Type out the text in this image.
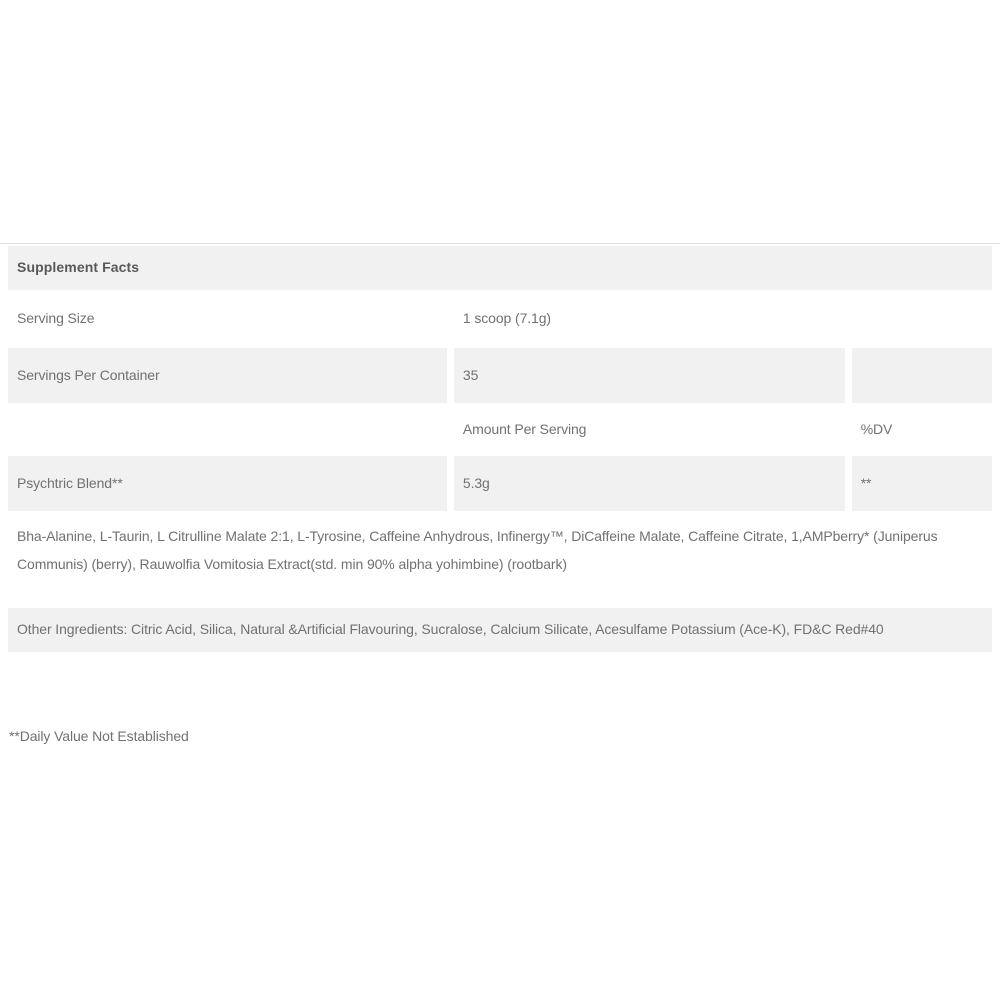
Supplement Facts		
Serving Size	1 scoop (7.1g)	
Servings Per Container	35	
	Amount Per Serving	%DV
Psychtric Blend**	5.3g	**
Bha-Alanine, L-Taurin, L Citrulline Malate 2:1, L-Tyrosine, Caffeine Anhydrous, Infinergy™, DiCaffeine Malate, Caffeine Citrate, 1,AMPberry* (Juniperus Communis) (berry), Rauwolfia Vomitosia Extract(std. min 90% alpha yohimbine) (rootbark)		
Other Ingredients: Citric Acid, Silica, Natural &Artificial Flavouring, Sucralose, Calcium Silicate, Acesulfame Potassium (Ace-K), FD&C Red#40		

**Daily Value Not Established
